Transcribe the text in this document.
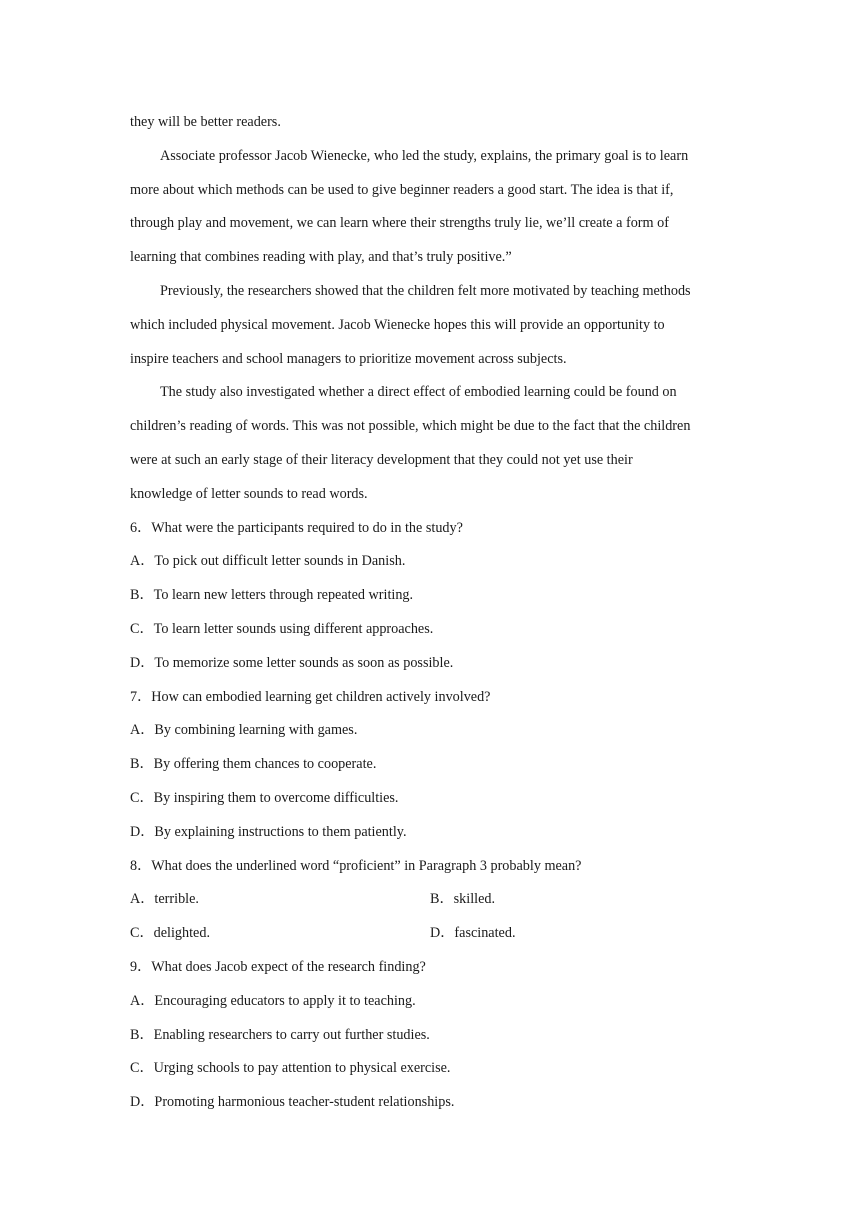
they will be better readers.
Associate professor Jacob Wienecke, who led the study, explains, the primary goal is to learn
more about which methods can be used to give beginner readers a good start. The idea is that if,
through play and movement, we can learn where their strengths truly lie, we’ll create a form of
learning that combines reading with play, and that’s truly positive.”
Previously, the researchers showed that the children felt more motivated by teaching methods
which included physical movement. Jacob Wienecke hopes this will provide an opportunity to
inspire teachers and school managers to prioritize movement across subjects.
The study also investigated whether a direct effect of embodied learning could be found on
children’s reading of words. This was not possible, which might be due to the fact that the children
were at such an early stage of their literacy development that they could not yet use their
knowledge of letter sounds to read words.
6．What were the participants required to do in the study?
A．To pick out difficult letter sounds in Danish.
B．To learn new letters through repeated writing.
C．To learn letter sounds using different approaches.
D．To memorize some letter sounds as soon as possible.
7．How can embodied learning get children actively involved?
A．By combining learning with games.
B．By offering them chances to cooperate.
C．By inspiring them to overcome difficulties.
D．By explaining instructions to them patiently.
8．What does the underlined word “proficient” in Paragraph 3 probably mean?
A．terrible.	B．skilled.
C．delighted.	D．fascinated.
9．What does Jacob expect of the research finding?
A．Encouraging educators to apply it to teaching.
B．Enabling researchers to carry out further studies.
C．Urging schools to pay attention to physical exercise.
D．Promoting harmonious teacher-student relationships.
